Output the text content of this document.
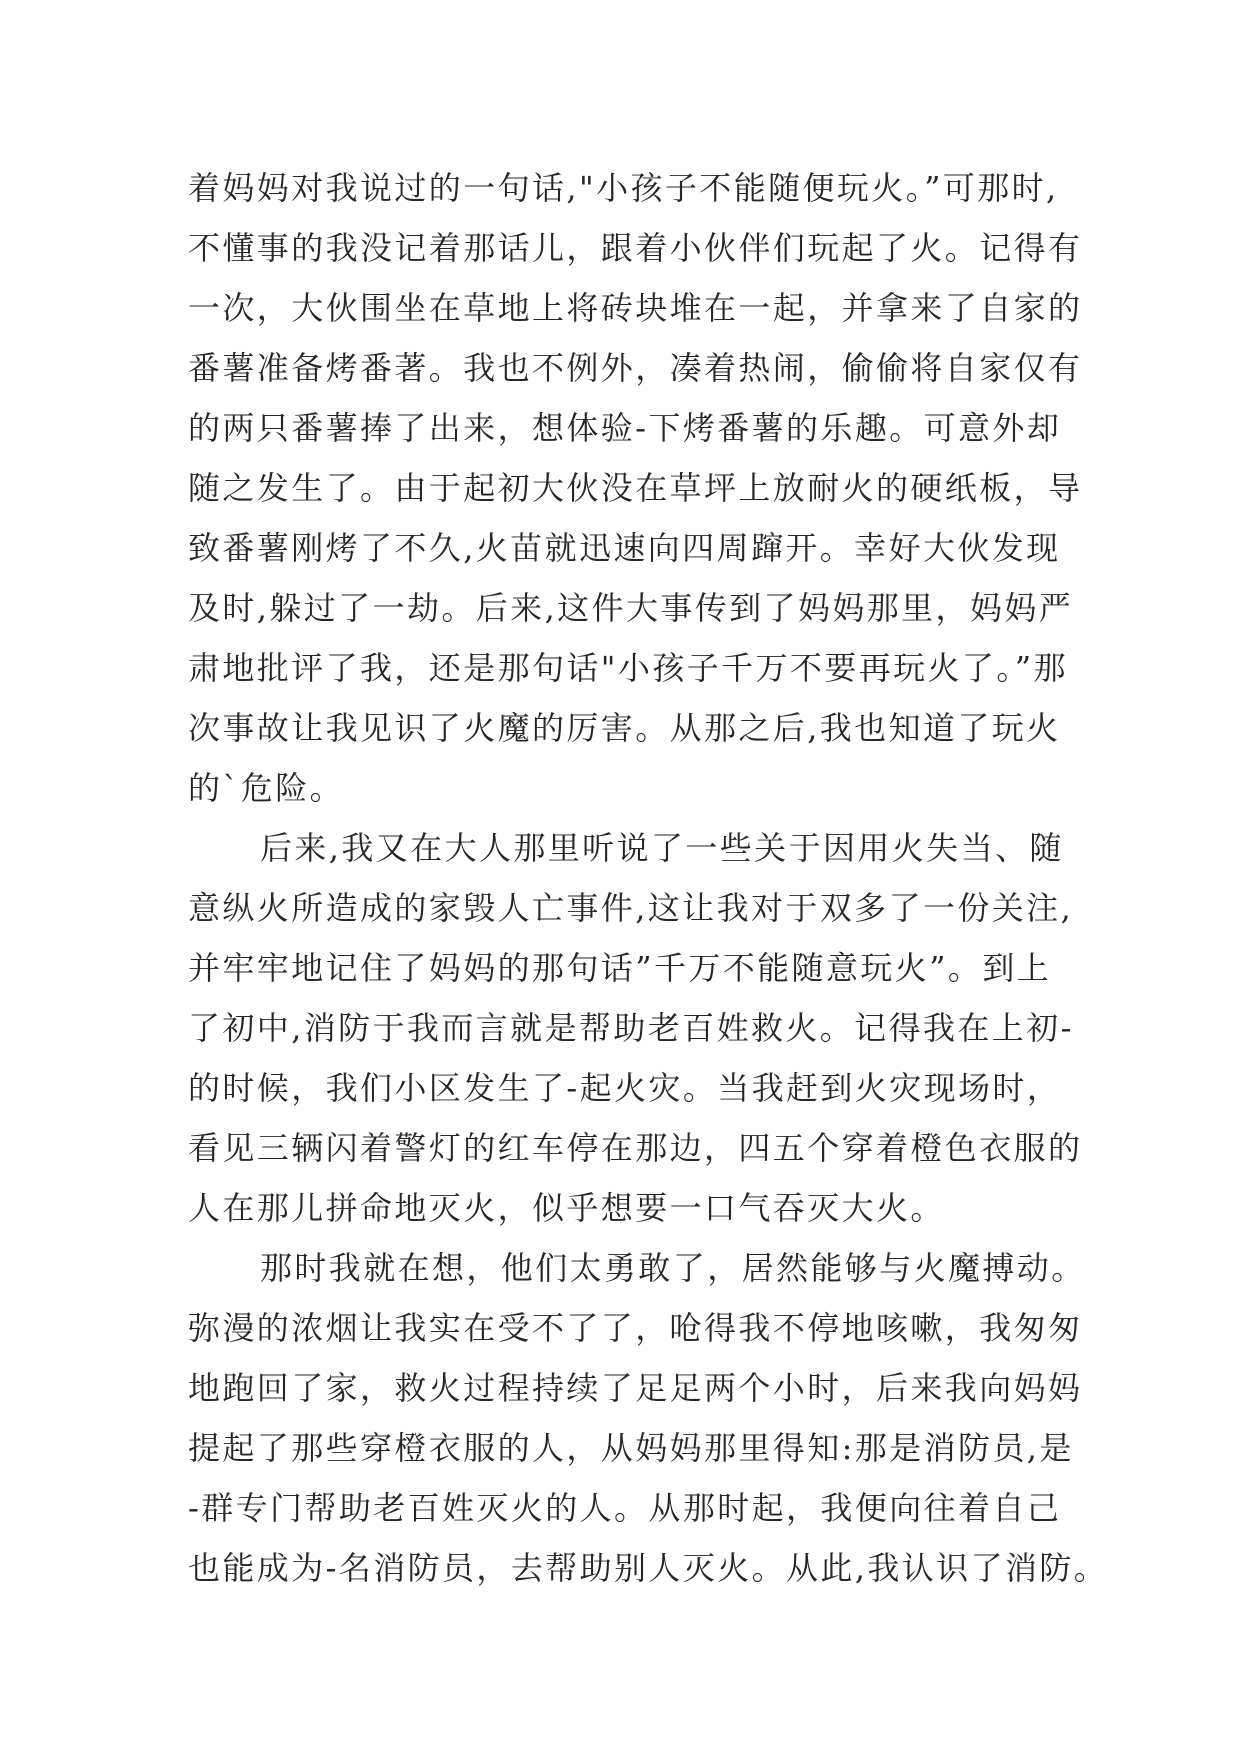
着妈妈对我说过的一句话,"小孩子不能随便玩火。”可那时,
不懂事的我没记着那话儿，跟着小伙伴们玩起了火。记得有
一次，大伙围坐在草地上将砖块堆在一起，并拿来了自家的
番薯准备烤番著。我也不例外，凑着热闹，偷偷将自家仅有
的两只番薯捧了出来，想体验-下烤番薯的乐趣。可意外却
随之发生了。由于起初大伙没在草坪上放耐火的硬纸板，导
致番薯刚烤了不久,火苗就迅速向四周蹿开。幸好大伙发现
及时,躲过了一劫。后来,这件大事传到了妈妈那里，妈妈严
肃地批评了我，还是那句话"小孩子千万不要再玩火了。”那
次事故让我见识了火魔的厉害。从那之后,我也知道了玩火
的`危险。
后来,我又在大人那里听说了一些关于因用火失当、随
意纵火所造成的家毁人亡事件,这让我对于双多了一份关注,
并牢牢地记住了妈妈的那句话”千万不能随意玩火”。到上
了初中,消防于我而言就是帮助老百姓救火。记得我在上初-
的时候，我们小区发生了-起火灾。当我赶到火灾现场时，
看见三辆闪着警灯的红车停在那边，四五个穿着橙色衣服的
人在那儿拼命地灭火，似乎想要一口气吞灭大火。
那时我就在想，他们太勇敢了，居然能够与火魔搏动。
弥漫的浓烟让我实在受不了了，呛得我不停地咳嗽，我匆匆
地跑回了家，救火过程持续了足足两个小时，后来我向妈妈
提起了那些穿橙衣服的人，从妈妈那里得知:那是消防员,是
-群专门帮助老百姓灭火的人。从那时起，我便向往着自己
也能成为-名消防员，去帮助别人灭火。从此,我认识了消防。
